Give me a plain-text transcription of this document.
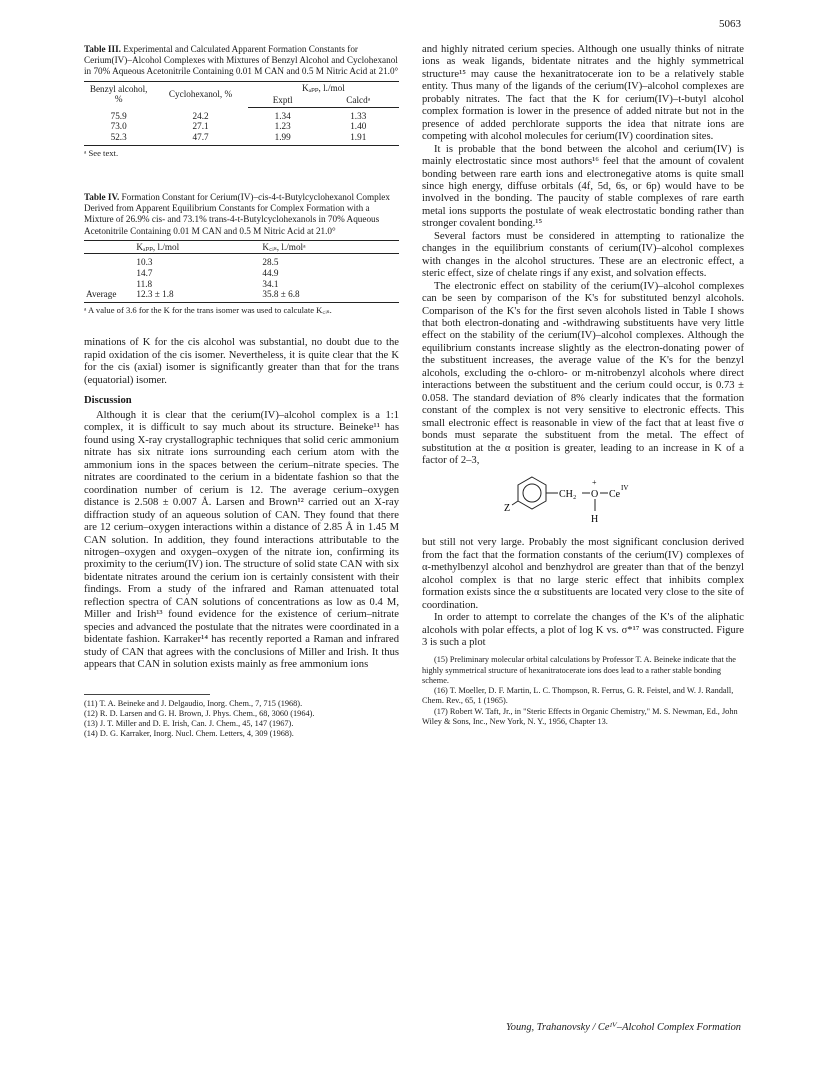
5063

Table III. Experimental and Calculated Apparent Formation Constants for Cerium(IV)–Alcohol Complexes with Mixtures of Benzyl Alcohol and Cyclohexanol in 70% Aqueous Acetonitrile Containing 0.01 M CAN and 0.5 M Nitric Acid at 21.0°

Benzyl alcohol, %	Cyclohexanol, %	Kₐₚₚ, l./mol	
		Exptl	Calcdᵃ
75.9	24.2	1.34	1.33
73.0	27.1	1.23	1.40
52.3	47.7	1.99	1.91

ᵃ See text.

Table IV. Formation Constant for Cerium(IV)–cis-4-t-Butylcyclohexanol Complex Derived from Apparent Equilibrium Constants for Complex Formation with a Mixture of 26.9% cis- and 73.1% trans-4-t-Butylcyclohexanols in 70% Aqueous Acetonitrile Containing 0.01 M CAN and 0.5 M Nitric Acid at 21.0°

	Kₐₚₚ, l./mol	K꜀ᵢₛ, l./molᵃ
	10.3	28.5
	14.7	44.9
	11.8	34.1
Average	12.3 ± 1.8	35.8 ± 6.8

ᵃ A value of 3.6 for the K for the trans isomer was used to calculate K꜀ᵢₛ.

minations of K for the cis alcohol was substantial, no doubt due to the rapid oxidation of the cis isomer. Nevertheless, it is quite clear that the K for the cis (axial) isomer is significantly greater than that for the trans (equatorial) isomer.

Discussion

Although it is clear that the cerium(IV)–alcohol complex is a 1:1 complex, it is difficult to say much about its structure. Beineke¹¹ has found using X-ray crystallographic techniques that solid ceric ammonium nitrate has six nitrate ions surrounding each cerium atom with the ammonium ions in the spaces between the cerium–nitrate species. The nitrates are coordinated to the cerium in a bidentate fashion so that the coordination number of cerium is 12. The average cerium–oxygen distance is 2.508 ± 0.007 Å. Larsen and Brown¹² carried out an X-ray diffraction study of an aqueous solution of CAN. They found that there are 12 cerium–oxygen interactions within a distance of 2.85 Å in 1.45 M CAN solution. In addition, they found interactions attributable to the nitrogen–oxygen and oxygen–oxygen of the nitrate ion, confirming its proximity to the cerium(IV) ion. The structure of solid state CAN with six bidentate nitrates around the cerium ion is certainly consistent with their findings. From a study of the infrared and Raman attenuated total reflection spectra of CAN solutions of concentrations as low as 0.4 M, Miller and Irish¹³ found evidence for the existence of cerium–nitrate species and advanced the postulate that the nitrates were coordinated in a bidentate fashion. Karraker¹⁴ has recently reported a Raman and infrared study of CAN that agrees with the conclusions of Miller and Irish. It thus appears that CAN in solution exists mainly as free ammonium ions

(11) T. A. Beineke and J. Delgaudio, Inorg. Chem., 7, 715 (1968).
(12) R. D. Larsen and G. H. Brown, J. Phys. Chem., 68, 3060 (1964).
(13) J. T. Miller and D. E. Irish, Can. J. Chem., 45, 147 (1967).
(14) D. G. Karraker, Inorg. Nucl. Chem. Letters, 4, 309 (1968).

and highly nitrated cerium species. Although one usually thinks of nitrate ions as weak ligands, bidentate nitrates and the highly symmetrical structure¹⁵ may cause the hexanitratocerate ion to be a relatively stable entity. Thus many of the ligands of the cerium(IV)–alcohol complexes are probably nitrates. The fact that the K for cerium(IV)–t-butyl alcohol complex formation is lower in the presence of added nitrate but not in the presence of added perchlorate supports the idea that nitrate ions are competing with alcohol molecules for cerium(IV) coordination sites.

It is probable that the bond between the alcohol and cerium(IV) is mainly electrostatic since most authors¹⁶ feel that the amount of covalent bonding between rare earth ions and electronegative atoms is quite small since high energy, diffuse orbitals (4f, 5d, 6s, or 6p) would have to be involved in the bonding. The paucity of stable complexes of rare earth metal ions supports the postulate of weak electrostatic bonding rather than stronger covalent bonding.¹⁵

Several factors must be considered in attempting to rationalize the changes in the equilibrium constants of cerium(IV)–alcohol complexes with changes in the alcohol structures. These are an electronic effect, a steric effect, size of chelate rings if any exist, and solvation effects.

The electronic effect on stability of the cerium(IV)–alcohol complexes can be seen by comparison of the K's for substituted benzyl alcohols. Comparison of the K's for the first seven alcohols listed in Table I shows that both electron-donating and -withdrawing substituents have very little effect on the stability of the cerium(IV)–alcohol complexes. Although the equilibrium constants increase slightly as the electron-donating power of the substituent increases, the average value of the K's for the benzyl alcohols, excluding the o-chloro- or m-nitrobenzyl alcohols where direct interactions between the substituent and the cerium could occur, is 0.73 ± 0.058. The standard deviation of 8% clearly indicates that the formation constant of the complex is not very sensitive to electronic effects. This small electronic effect is reasonable in view of the fact that at least five σ bonds must separate the substituent from the metal. The effect of substitution at the α position is greater, leading to an increase in K of a factor of 2–3,

CH₂ O
+
Ce
IV
H
Z

but still not very large. Probably the most significant conclusion derived from the fact that the formation constants of the cerium(IV) complexes of α-methylbenzyl alcohol and benzhydrol are greater than that of the benzyl alcohol complex is that no large steric effect that inhibits complex formation exists since the α substituents are located very close to the site of coordination.

In order to attempt to correlate the changes of the K's of the aliphatic alcohols with polar effects, a plot of log K vs. σ*¹⁷ was constructed. Figure 3 is such a plot

(15) Preliminary molecular orbital calculations by Professor T. A. Beineke indicate that the highly symmetrical structure of hexanitratocerate ions does lead to a rather stable bonding scheme.
(16) T. Moeller, D. F. Martin, L. C. Thompson, R. Ferrus, G. R. Feistel, and W. J. Randall, Chem. Rev., 65, 1 (1965).
(17) Robert W. Taft, Jr., in "Steric Effects in Organic Chemistry," M. S. Newman, Ed., John Wiley & Sons, Inc., New York, N. Y., 1956, Chapter 13.
Young, Trahanovsky / Ceᴵⱽ–Alcohol Complex Formation
